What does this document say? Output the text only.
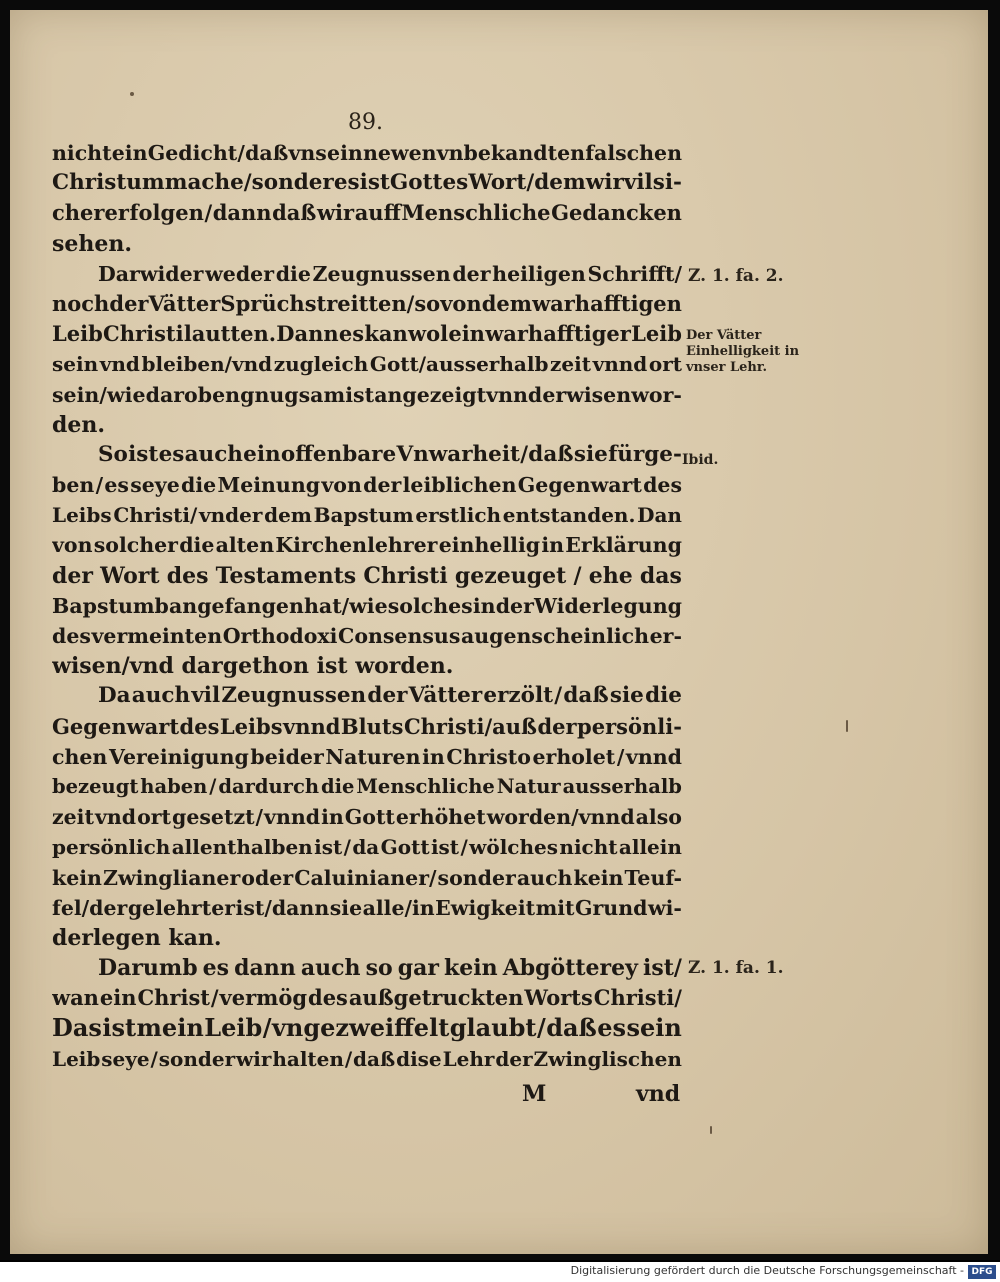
89.
nicht ein Gedicht / daß vns ein newen vnbekandten falschen
Christum mache/sonder es ist Gottes Wort / dem wir vil si-
cherer folgen / dann daß wir auff Menschliche Gedancken
sehen.
Darwider weder die Zeugnussen der heiligen Schrifft/
noch der Vätter Sprüch streitten/so von dem warhafftigen
Leib Christi lautten. Dann es kan wol ein warhafftiger Leib
sein vnd bleiben/vnd zugleich Gott/ausserhalb zeit vnnd ort
sein / wie daroben gnugsam ist angezeigt vnnd erwisen wor-
den.
So ist es auch ein offenbare Vnwarheit / daß sie fürge-
ben / es seye die Meinung von der leiblichen Gegenwart des
Leibs Christi/ vnder dem Bapstum erstlich entstanden. Dan
von solcher die alten Kirchenlehrer einhellig in Erklärung
der Wort des Testaments Christi gezeuget / ehe das
Bapstumb angefangen hat/wie solches in der Widerlegung
des vermeinten Orthodoxi Consensus augenscheinlich er-
wisen/vnd dargethon ist worden.
Da auch vil Zeugnussen der Vätter erzölt / daß sie die
Gegenwart des Leibs vnnd Bluts Christi/auß der persönli-
chen Vereinigung beider Naturen in Christo erholet / vnnd
bezeugt haben / dardurch die Menschliche Natur ausserhalb
zeit vnd ort gesetzt / vnnd in Gott erhöhet worden/vnnd also
persönlich allenthalben ist / da Gott ist / wölches nicht allein
kein Zwinglianer oder Caluinianer/ sonder auch kein Teuf-
fel/der gelehrter ist/dann sie alle/in Ewigkeit mit Grund wi-
derlegen kan.
Darumb es dann auch so gar kein Abgötterey ist/
wan ein Christ / vermög des außgetruckten Worts Christi/
Das ist mein Leib / vngezweiffelt glaubt / daß es sein
Leib seye / sonder wir halten / daß dise Lehr der Zwinglischen
M	vnd
Z. 1. fa. 2.
Der Vätter Einhelligkeit in vnser Lehr.
Ibid.
Z. 1. fa. 1.
Digitalisierung gefördert durch die Deutsche Forschungsgemeinschaft - DFG
